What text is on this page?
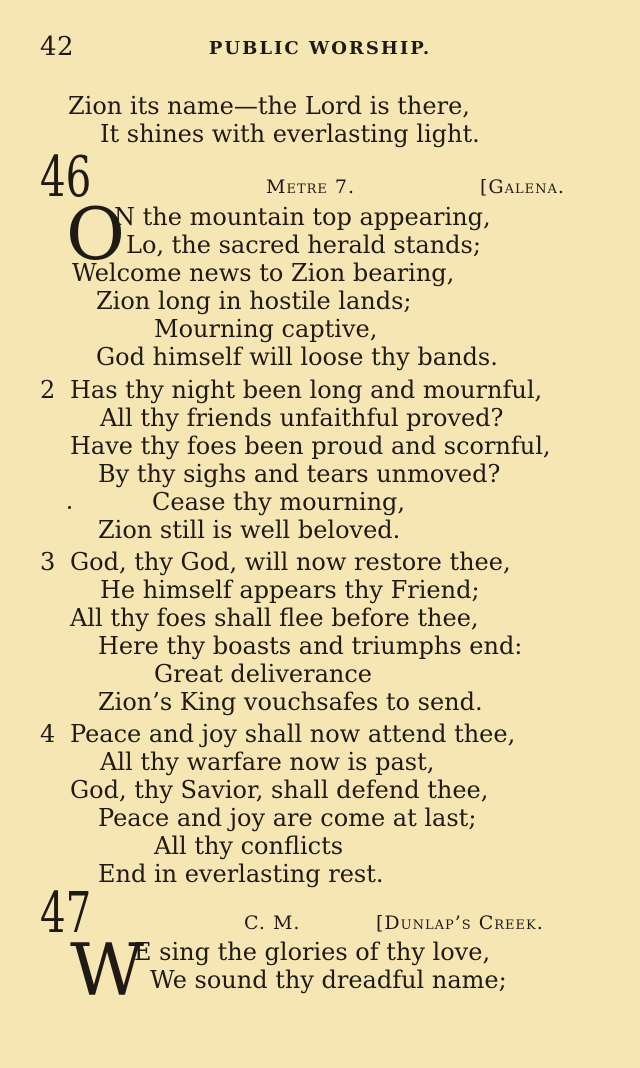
42	PUBLIC WORSHIP.
Zion its name—the Lord is there,
It shines with everlasting light.
46	Metre 7.	[Galena.
O
N the mountain top appearing,
Lo, the sacred herald stands;
Welcome news to Zion bearing,
Zion long in hostile lands;
Mourning captive,
God himself will loose thy bands.
2 Has thy night been long and mournful,
All thy friends unfaithful proved?
Have thy foes been proud and scornful,
By thy sighs and tears unmoved?
Cease thy mourning,
Zion still is well beloved.
3 God, thy God, will now restore thee,
He himself appears thy Friend;
All thy foes shall flee before thee,
Here thy boasts and triumphs end:
Great deliverance
Zion’s King vouchsafes to send.
4 Peace and joy shall now attend thee,
All thy warfare now is past,
God, thy Savior, shall defend thee,
Peace and joy are come at last;
All thy conflicts
End in everlasting rest.
47	C. M.	[Dunlap’s Creek.
W
E sing the glories of thy love,
We sound thy dreadful name;
